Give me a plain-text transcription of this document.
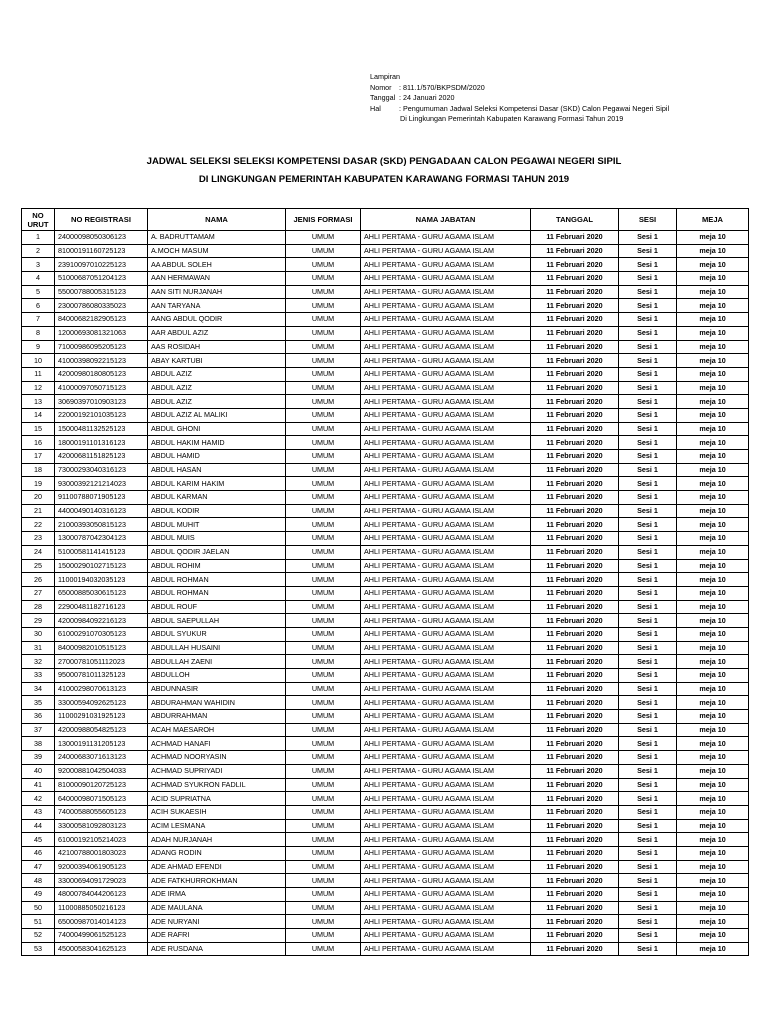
Lampiran
Nomor	: 811.1/570/BKPSDM/2020
Tanggal : 24 Januari 2020
Hal	: Pengumuman Jadwal Seleksi Kompetensi Dasar (SKD) Calon Pegawai Negeri Sipil
Di Lingkungan Pemerintah Kabupaten Karawang Formasi Tahun 2019
JADWAL SELEKSI SELEKSI KOMPETENSI DASAR (SKD) PENGADAAN CALON PEGAWAI NEGERI SIPIL
DI LINGKUNGAN PEMERINTAH KABUPATEN KARAWANG FORMASI TAHUN 2019
NO
URUT	NO REGISTRASI	NAMA	JENIS FORMASI	NAMA JABATAN	TANGGAL	SESI	MEJA
1	24000098050306123	A. BADRUTTAMAM	UMUM	AHLI PERTAMA - GURU AGAMA ISLAM	11 Februari 2020	Sesi 1	meja 10
2	81000191160725123	A.MOCH MASUM	UMUM	AHLI PERTAMA - GURU AGAMA ISLAM	11 Februari 2020	Sesi 1	meja 10
3	23910097010225123	AA ABDUL SOLEH	UMUM	AHLI PERTAMA - GURU AGAMA ISLAM	11 Februari 2020	Sesi 1	meja 10
4	51000687051204123	AAN HERMAWAN	UMUM	AHLI PERTAMA - GURU AGAMA ISLAM	11 Februari 2020	Sesi 1	meja 10
5	55000788005315123	AAN SITI NURJANAH	UMUM	AHLI PERTAMA - GURU AGAMA ISLAM	11 Februari 2020	Sesi 1	meja 10
6	23000786080335023	AAN TARYANA	UMUM	AHLI PERTAMA - GURU AGAMA ISLAM	11 Februari 2020	Sesi 1	meja 10
7	84000682182905123	AANG ABDUL QODIR	UMUM	AHLI PERTAMA - GURU AGAMA ISLAM	11 Februari 2020	Sesi 1	meja 10
8	12000693081321063	AAR ABDUL AZIZ	UMUM	AHLI PERTAMA - GURU AGAMA ISLAM	11 Februari 2020	Sesi 1	meja 10
9	71000986095205123	AAS ROSIDAH	UMUM	AHLI PERTAMA - GURU AGAMA ISLAM	11 Februari 2020	Sesi 1	meja 10
10	41000398092215123	ABAY KARTUBI	UMUM	AHLI PERTAMA - GURU AGAMA ISLAM	11 Februari 2020	Sesi 1	meja 10
11	42000980180805123	ABDUL AZIZ	UMUM	AHLI PERTAMA - GURU AGAMA ISLAM	11 Februari 2020	Sesi 1	meja 10
12	41000097050715123	ABDUL AZIZ	UMUM	AHLI PERTAMA - GURU AGAMA ISLAM	11 Februari 2020	Sesi 1	meja 10
13	30690397010903123	ABDUL AZIZ	UMUM	AHLI PERTAMA - GURU AGAMA ISLAM	11 Februari 2020	Sesi 1	meja 10
14	22000192101035123	ABDUL AZIZ AL MALIKI	UMUM	AHLI PERTAMA - GURU AGAMA ISLAM	11 Februari 2020	Sesi 1	meja 10
15	15000481132525123	ABDUL GHONI	UMUM	AHLI PERTAMA - GURU AGAMA ISLAM	11 Februari 2020	Sesi 1	meja 10
16	18000191101316123	ABDUL HAKIM HAMID	UMUM	AHLI PERTAMA - GURU AGAMA ISLAM	11 Februari 2020	Sesi 1	meja 10
17	42000681151825123	ABDUL HAMID	UMUM	AHLI PERTAMA - GURU AGAMA ISLAM	11 Februari 2020	Sesi 1	meja 10
18	73000293040316123	ABDUL HASAN	UMUM	AHLI PERTAMA - GURU AGAMA ISLAM	11 Februari 2020	Sesi 1	meja 10
19	93000392121214023	ABDUL KARIM HAKIM	UMUM	AHLI PERTAMA - GURU AGAMA ISLAM	11 Februari 2020	Sesi 1	meja 10
20	91100788071905123	ABDUL KARMAN	UMUM	AHLI PERTAMA - GURU AGAMA ISLAM	11 Februari 2020	Sesi 1	meja 10
21	44000490140316123	ABDUL KODIR	UMUM	AHLI PERTAMA - GURU AGAMA ISLAM	11 Februari 2020	Sesi 1	meja 10
22	21000393050815123	ABDUL MUHIT	UMUM	AHLI PERTAMA - GURU AGAMA ISLAM	11 Februari 2020	Sesi 1	meja 10
23	13000787042304123	ABDUL MUIS	UMUM	AHLI PERTAMA - GURU AGAMA ISLAM	11 Februari 2020	Sesi 1	meja 10
24	51000581141415123	ABDUL QODIR JAELAN	UMUM	AHLI PERTAMA - GURU AGAMA ISLAM	11 Februari 2020	Sesi 1	meja 10
25	15000290102715123	ABDUL ROHIM	UMUM	AHLI PERTAMA - GURU AGAMA ISLAM	11 Februari 2020	Sesi 1	meja 10
26	11000194032035123	ABDUL ROHMAN	UMUM	AHLI PERTAMA - GURU AGAMA ISLAM	11 Februari 2020	Sesi 1	meja 10
27	65000885030615123	ABDUL ROHMAN	UMUM	AHLI PERTAMA - GURU AGAMA ISLAM	11 Februari 2020	Sesi 1	meja 10
28	22900481182716123	ABDUL ROUF	UMUM	AHLI PERTAMA - GURU AGAMA ISLAM	11 Februari 2020	Sesi 1	meja 10
29	42000984092216123	ABDUL SAEPULLAH	UMUM	AHLI PERTAMA - GURU AGAMA ISLAM	11 Februari 2020	Sesi 1	meja 10
30	61000291070305123	ABDUL SYUKUR	UMUM	AHLI PERTAMA - GURU AGAMA ISLAM	11 Februari 2020	Sesi 1	meja 10
31	84000982010515123	ABDULLAH HUSAINI	UMUM	AHLI PERTAMA - GURU AGAMA ISLAM	11 Februari 2020	Sesi 1	meja 10
32	27000781051112023	ABDULLAH ZAENI	UMUM	AHLI PERTAMA - GURU AGAMA ISLAM	11 Februari 2020	Sesi 1	meja 10
33	95000781011325123	ABDULLOH	UMUM	AHLI PERTAMA - GURU AGAMA ISLAM	11 Februari 2020	Sesi 1	meja 10
34	41000298070613123	ABDUNNASIR	UMUM	AHLI PERTAMA - GURU AGAMA ISLAM	11 Februari 2020	Sesi 1	meja 10
35	33000594092625123	ABDURAHMAN WAHIDIN	UMUM	AHLI PERTAMA - GURU AGAMA ISLAM	11 Februari 2020	Sesi 1	meja 10
36	11000291031925123	ABDURRAHMAN	UMUM	AHLI PERTAMA - GURU AGAMA ISLAM	11 Februari 2020	Sesi 1	meja 10
37	42000988054825123	ACAH MAESAROH	UMUM	AHLI PERTAMA - GURU AGAMA ISLAM	11 Februari 2020	Sesi 1	meja 10
38	13000191131205123	ACHMAD HANAFI	UMUM	AHLI PERTAMA - GURU AGAMA ISLAM	11 Februari 2020	Sesi 1	meja 10
39	24000683071613123	ACHMAD NOORYASIN	UMUM	AHLI PERTAMA - GURU AGAMA ISLAM	11 Februari 2020	Sesi 1	meja 10
40	92000881042504033	ACHMAD SUPRIYADI	UMUM	AHLI PERTAMA - GURU AGAMA ISLAM	11 Februari 2020	Sesi 1	meja 10
41	81000090120725123	ACHMAD SYUKRON FADLIL	UMUM	AHLI PERTAMA - GURU AGAMA ISLAM	11 Februari 2020	Sesi 1	meja 10
42	64000098071505123	ACID SUPRIATNA	UMUM	AHLI PERTAMA - GURU AGAMA ISLAM	11 Februari 2020	Sesi 1	meja 10
43	74000588055605123	ACIH SUKAESIH	UMUM	AHLI PERTAMA - GURU AGAMA ISLAM	11 Februari 2020	Sesi 1	meja 10
44	33000581092803123	ACIM LESMANA	UMUM	AHLI PERTAMA - GURU AGAMA ISLAM	11 Februari 2020	Sesi 1	meja 10
45	61000192105214023	ADAH NURJANAH	UMUM	AHLI PERTAMA - GURU AGAMA ISLAM	11 Februari 2020	Sesi 1	meja 10
46	42100788001803023	ADANG RODIN	UMUM	AHLI PERTAMA - GURU AGAMA ISLAM	11 Februari 2020	Sesi 1	meja 10
47	92000394061905123	ADE AHMAD EFENDI	UMUM	AHLI PERTAMA - GURU AGAMA ISLAM	11 Februari 2020	Sesi 1	meja 10
48	33000694091729023	ADE FATKHURROKHMAN	UMUM	AHLI PERTAMA - GURU AGAMA ISLAM	11 Februari 2020	Sesi 1	meja 10
49	48000784044206123	ADE IRMA	UMUM	AHLI PERTAMA - GURU AGAMA ISLAM	11 Februari 2020	Sesi 1	meja 10
50	11000885050216123	ADE MAULANA	UMUM	AHLI PERTAMA - GURU AGAMA ISLAM	11 Februari 2020	Sesi 1	meja 10
51	65000987014014123	ADE NURYANI	UMUM	AHLI PERTAMA - GURU AGAMA ISLAM	11 Februari 2020	Sesi 1	meja 10
52	74000499061525123	ADE RAFRI	UMUM	AHLI PERTAMA - GURU AGAMA ISLAM	11 Februari 2020	Sesi 1	meja 10
53	45000583041625123	ADE RUSDANA	UMUM	AHLI PERTAMA - GURU AGAMA ISLAM	11 Februari 2020	Sesi 1	meja 10
